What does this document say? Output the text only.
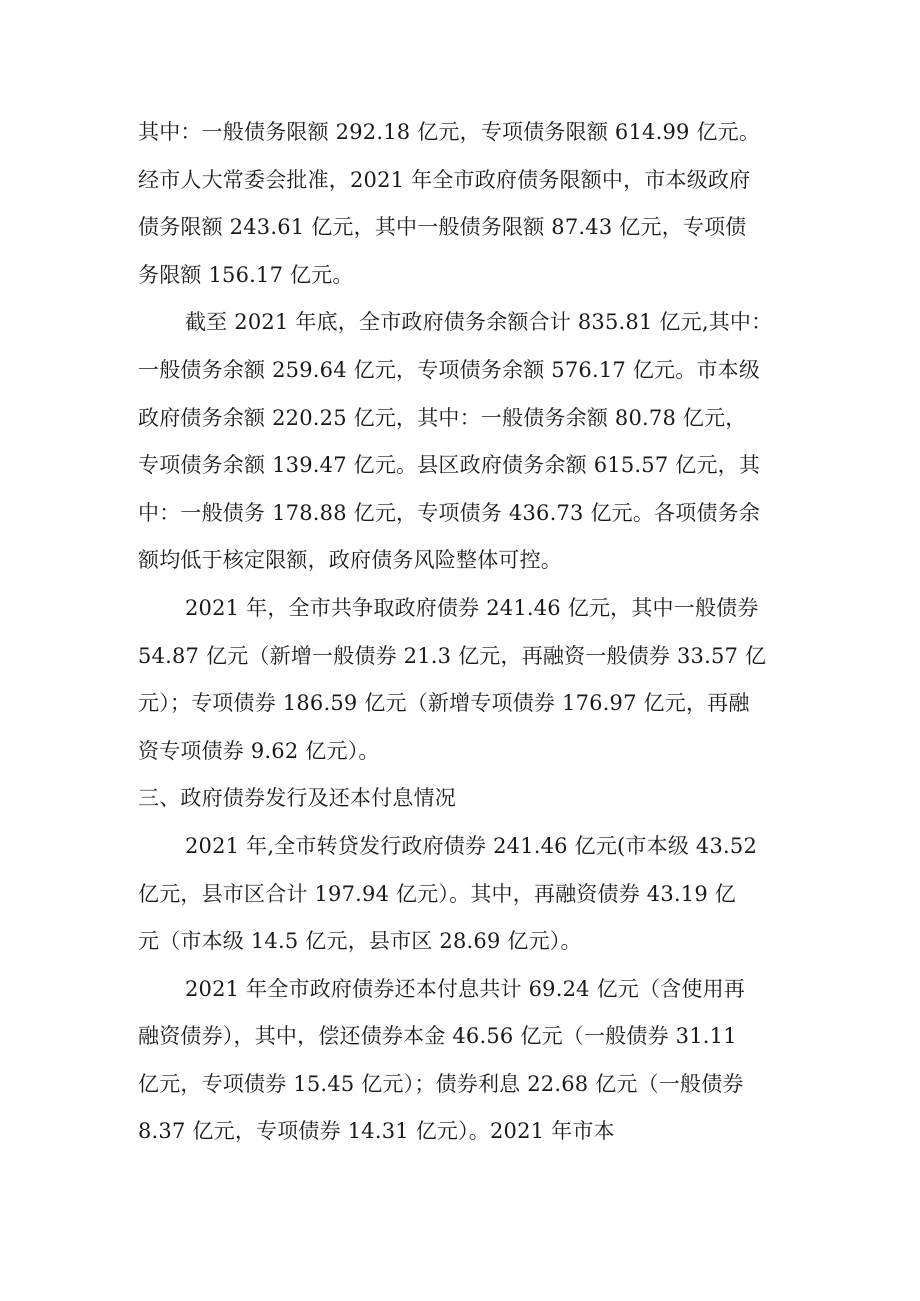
其中：一般债务限额 292.18 亿元，专项债务限额 614.99 亿元。
经市人大常委会批准，2021 年全市政府债务限额中，市本级政府
债务限额 243.61 亿元，其中一般债务限额 87.43 亿元，专项债
务限额 156.17 亿元。
截至 2021 年底，全市政府债务余额合计 835.81 亿元,其中：
一般债务余额 259.64 亿元，专项债务余额 576.17 亿元。市本级
政府债务余额 220.25 亿元，其中：一般债务余额 80.78 亿元，
专项债务余额 139.47 亿元。县区政府债务余额 615.57 亿元，其
中：一般债务 178.88 亿元，专项债务 436.73 亿元。各项债务余
额均低于核定限额，政府债务风险整体可控。
2021 年，全市共争取政府债券 241.46 亿元，其中一般债券
54.87 亿元（新增一般债券 21.3 亿元，再融资一般债券 33.57 亿
元）；专项债券 186.59 亿元（新增专项债券 176.97 亿元，再融
资专项债券 9.62 亿元）。
三、政府债券发行及还本付息情况
2021 年,全市转贷发行政府债券 241.46 亿元(市本级 43.52
亿元，县市区合计 197.94 亿元）。其中，再融资债券 43.19 亿
元（市本级 14.5 亿元，县市区 28.69 亿元）。
2021 年全市政府债券还本付息共计 69.24 亿元（含使用再
融资债券），其中，偿还债券本金 46.56 亿元（一般债券 31.11
亿元，专项债券 15.45 亿元）；债券利息 22.68 亿元（一般债券
8.37 亿元，专项债券 14.31 亿元）。2021 年市本
